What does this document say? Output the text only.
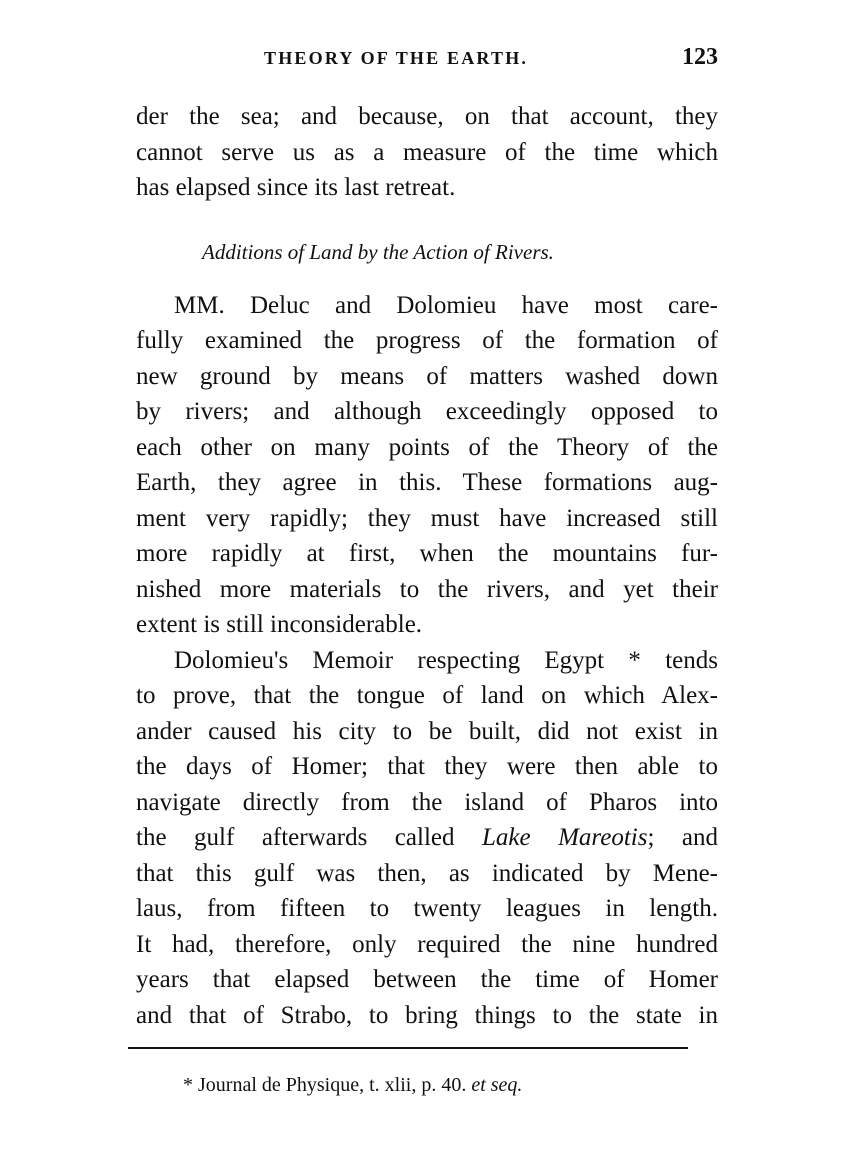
THEORY OF THE EARTH.	123
der the sea; and because, on that account, they
cannot serve us as a measure of the time which
has elapsed since its last retreat.
Additions of Land by the Action of Rivers.
MM. Deluc and Dolomieu have most care-
fully examined the progress of the formation of
new ground by means of matters washed down
by rivers; and although exceedingly opposed to
each other on many points of the Theory of the
Earth, they agree in this. These formations aug-
ment very rapidly; they must have increased still
more rapidly at first, when the mountains fur-
nished more materials to the rivers, and yet their
extent is still inconsiderable.
Dolomieu's Memoir respecting Egypt * tends
to prove, that the tongue of land on which Alex-
ander caused his city to be built, did not exist in
the days of Homer; that they were then able to
navigate directly from the island of Pharos into
the gulf afterwards called Lake Mareotis; and
that this gulf was then, as indicated by Mene-
laus, from fifteen to twenty leagues in length.
It had, therefore, only required the nine hundred
years that elapsed between the time of Homer
and that of Strabo, to bring things to the state in
* Journal de Physique, t. xlii, p. 40. et seq.
